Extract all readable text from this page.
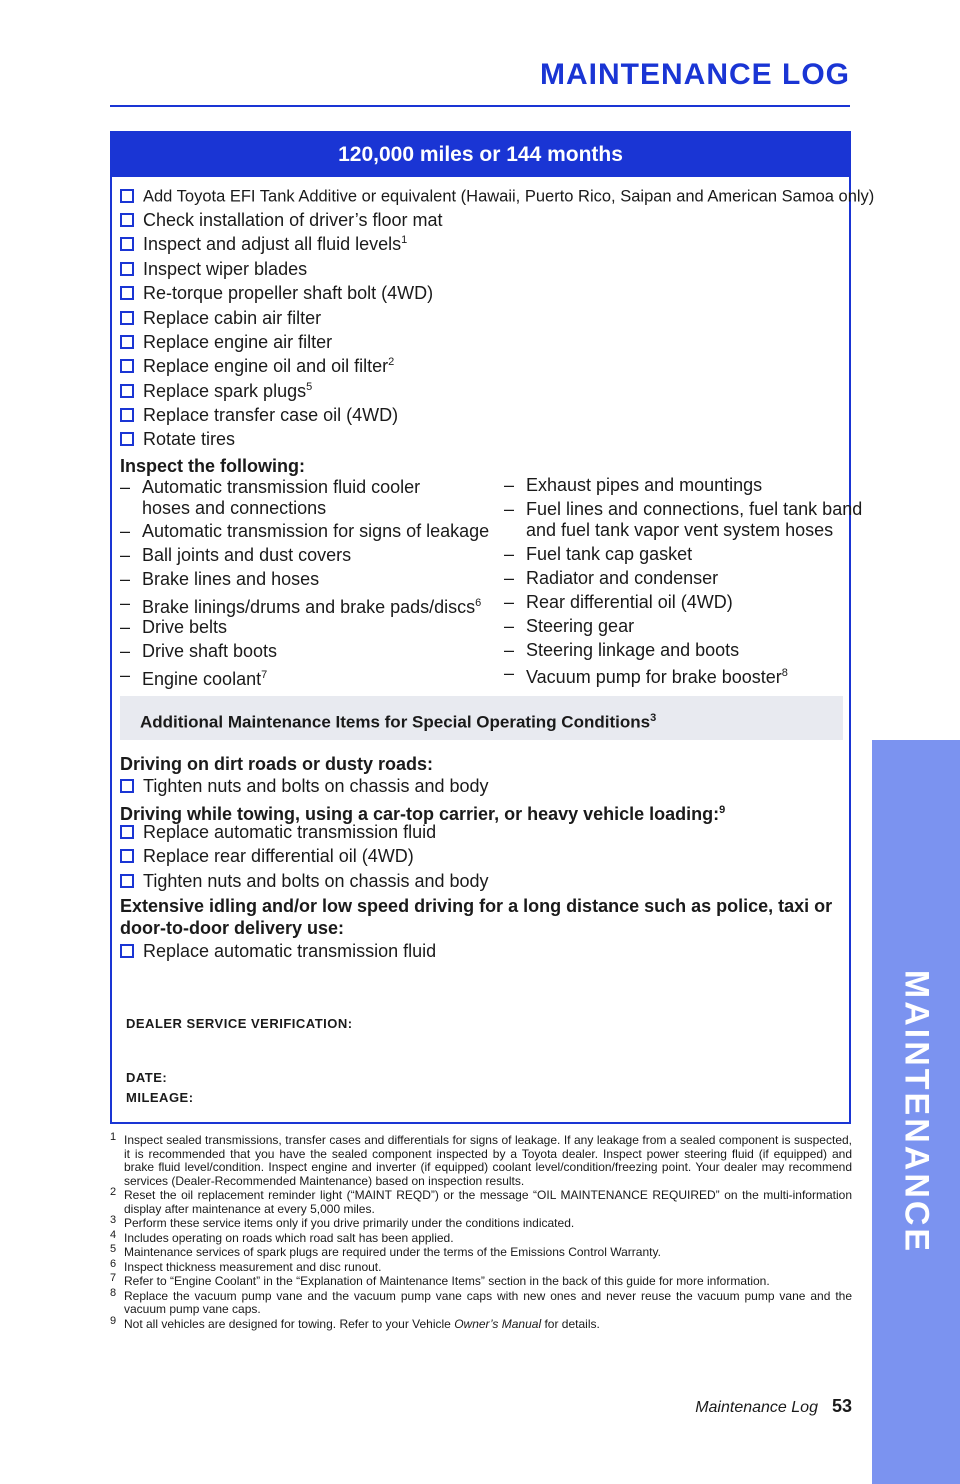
MAINTENANCE LOG
MAINTENANCE
120,000 miles or 144 months
Add Toyota EFI Tank Additive or equivalent (Hawaii, Puerto Rico, Saipan and American Samoa only)
Check installation of driver’s floor mat
Inspect and adjust all fluid levels$^1$
Inspect wiper blades
Re-torque propeller shaft bolt (4WD)
Replace cabin air filter
Replace engine air filter
Replace engine oil and oil filter$^2$
Replace spark plugs$^5$
Replace transfer case oil (4WD)
Rotate tires
Inspect the following:
– Automatic transmission fluid cooler
hoses and connections
– Automatic transmission for signs of leakage
– Ball joints and dust covers
– Brake lines and hoses
– Brake linings/drums and brake pads/discs$^6$
– Drive belts
– Drive shaft boots
– Engine coolant$^7$
– Exhaust pipes and mountings
– Fuel lines and connections, fuel tank band
and fuel tank vapor vent system hoses
– Fuel tank cap gasket
– Radiator and condenser
– Rear differential oil (4WD)
– Steering gear
– Steering linkage and boots
– Vacuum pump for brake booster$^8$
Additional Maintenance Items for Special Operating Conditions$^3$
Driving on dirt roads or dusty roads:
Tighten nuts and bolts on chassis and body
Driving while towing, using a car-top carrier, or heavy vehicle loading:$^9$
Replace automatic transmission fluid
Replace rear differential oil (4WD)
Tighten nuts and bolts on chassis and body
Extensive idling and/or low speed driving for a long distance such as police, taxi or
door-to-door delivery use:
Replace automatic transmission fluid
DEALER SERVICE VERIFICATION:
DATE:
MILEAGE:
1 Inspect sealed transmissions, transfer cases and differentials for signs of leakage. If any leakage from a sealed component is suspected, it is recommended that you have the sealed component inspected by a Toyota dealer. Inspect power steering fluid (if equipped) and brake fluid level/condition. Inspect engine and inverter (if equipped) coolant level/condition/freezing point. Your dealer may recommend services (Dealer-Recommended Maintenance) based on inspection results.
2 Reset the oil replacement reminder light (“MAINT REQD”) or the message “OIL MAINTENANCE REQUIRED” on the multi-information display after maintenance at every 5,000 miles.
3 Perform these service items only if you drive primarily under the conditions indicated.
4 Includes operating on roads which road salt has been applied.
5 Maintenance services of spark plugs are required under the terms of the Emissions Control Warranty.
6 Inspect thickness measurement and disc runout.
7 Refer to “Engine Coolant” in the “Explanation of Maintenance Items” section in the back of this guide for more information.
8 Replace the vacuum pump vane and the vacuum pump vane caps with new ones and never reuse the vacuum pump vane and the vacuum pump vane caps.
9 Not all vehicles are designed for towing. Refer to your Vehicle Owner’s Manual for details.
Maintenance Log 53
